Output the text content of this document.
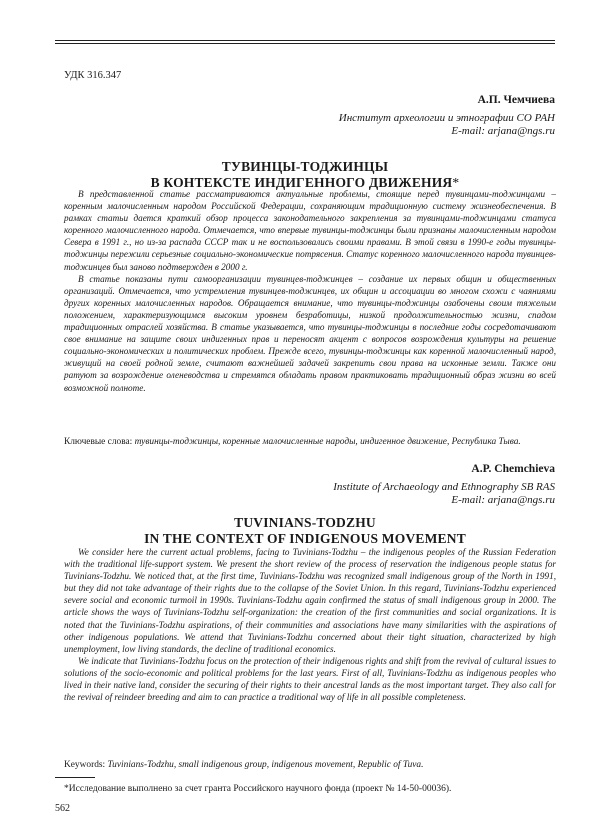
УДК 316.347
А.П. Чемчиева
Институт археологии и этнографии СО РАН
E-mail: arjana@ngs.ru
ТУВИНЦЫ-ТОДЖИНЦЫ
В КОНТЕКСТЕ ИНДИГЕННОГО ДВИЖЕНИЯ*

В представленной статье рассматриваются актуальные проблемы, стоящие перед тувинцами-тоджинцами – коренным малочисленным народом Российской Федерации, сохраняющим традиционную систему жизнеобеспечения. В рамках статьи дается краткий обзор процесса законодательного закрепления за тувинцами-тоджинцами статуса коренного малочисленного народа. Отмечается, что впервые тувинцы-тоджинцы были признаны малочисленным народом Севера в 1991 г., но из-за распада СССР так и не воспользовались своими правами. В этой связи в 1990-е годы тувинцы-тоджинцы пережили серьезные социально-экономические потрясения. Статус коренного малочисленного народа тувинцев-тоджинцев был заново подтвержден в 2000 г.

В статье показаны пути самоорганизации тувинцев-тоджинцев – создание их первых общин и общественных организаций. Отмечается, что устремления тувинцев-тоджинцев, их общин и ассоциации во многом схожи с чаяниями других коренных малочисленных народов. Обращается внимание, что тувинцы-тоджинцы озабочены своим тяжелым положением, характеризующимся высоким уровнем безработицы, низкой продолжительностью жизни, спадом традиционных отраслей хозяйства. В статье указывается, что тувинцы-тоджинцы в последние годы сосредотачивают свое внимание на защите своих индигенных прав и переносят акцент с вопросов возрождения культуры на решение социально-экономических и политических проблем. Прежде всего, тувинцы-тоджинцы как коренной малочисленный народ, живущий на своей родной земле, считают важнейшей задачей закрепить свои права на исконные земли. Также они ратуют за возрождение оленеводства и стремятся обладать правом практиковать традиционный образ жизни во всей возможной полноте.

Ключевые слова: тувинцы-тоджинцы, коренные малочисленные народы, индигенное движение, Республика Тыва.
A.P. Chemchieva
Institute of Archaeology and Ethnography SB RAS
E-mail: arjana@ngs.ru
TUVINIANS-TODZHU
IN THE CONTEXT OF INDIGENOUS MOVEMENT

We consider here the current actual problems, facing to Tuvinians-Todzhu – the indigenous peoples of the Russian Federation with the traditional life-support system. We present the short review of the process of reservation the indigenous people status for Tuvinians-Todzhu. We noticed that, at the first time, Tuvinians-Todzhu was recognized small indigenous group of the North in 1991, but they did not take advantage of their rights due to the collapse of the Soviet Union. In this regard, Tuvinians-Todzhu experienced severe social and economic turmoil in 1990s. Tuvinians-Todzhu again confirmed the status of small indigenous group in 2000. The article shows the ways of Tuvinians-Todzhu self-organization: the creation of the first communities and social organizations. It is noted that the Tuvinians-Todzhu aspirations, of their communities and associations have many similarities with the aspirations of other indigenous populations. We attend that Tuvinians-Todzhu concerned about their tight situation, characterized by high unemployment, low living standards, the decline of traditional economics.

We indicate that Tuvinians-Todzhu focus on the protection of their indigenous rights and shift from the revival of cultural issues to solutions of the socio-economic and political problems for the last years. First of all, Tuvinians-Todzhu as indigenous peoples who lived in their native land, consider the securing of their rights to their ancestral lands as the most important target. They also call for the revival of reindeer breeding and aim to can practice a traditional way of life in all possible completeness.

Keywords: Tuvinians-Todzhu, small indigenous group, indigenous movement, Republic of Tuva.
*Исследование выполнено за счет гранта Российского научного фонда (проект № 14-50-00036).
562
